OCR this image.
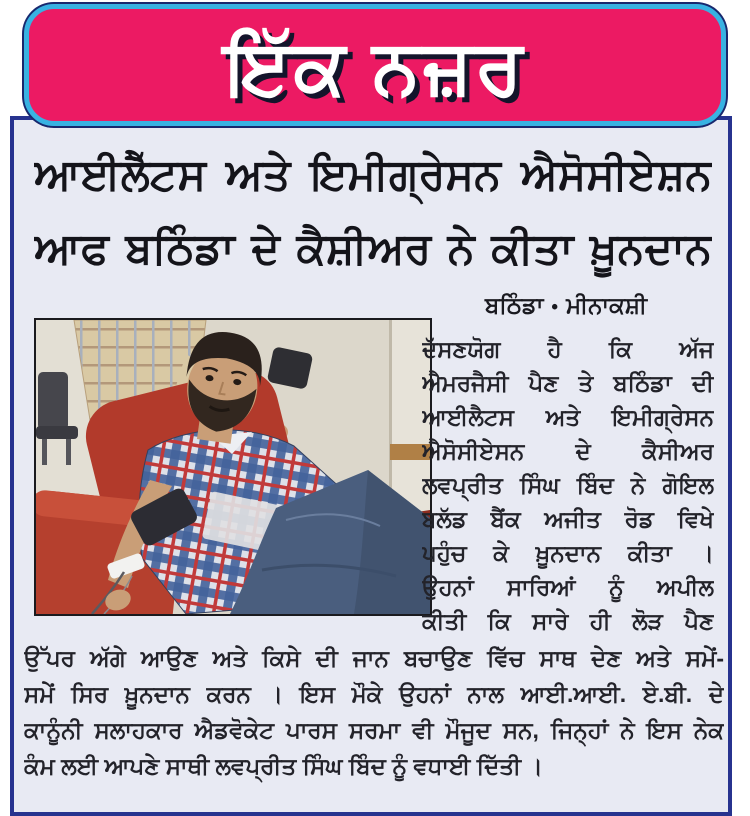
ਇੱਕ ਨਜ਼ਰ
ਆਈਲੈੱਟਸ ਅਤੇ ਇਮੀਗ੍ਰੇਸਨ ਐਸੋਸੀਏਸ਼ਨ
ਆਫ ਬਠਿੰਡਾ ਦੇ ਕੈਸ਼ੀਅਰ ਨੇ ਕੀਤਾ ਖ਼ੂਨਦਾਨ
ਬਠਿੰਡਾ • ਮੀਨਾਕਸ਼ੀ
ਦੱਸਣਯੋਗ ਹੈ ਕਿ ਅੱਜ
ਐਮਰਜੈਸੀ ਪੈਣ ਤੇ ਬਠਿੰਡਾ ਦੀ
ਆਈਲੈਟਸ ਅਤੇ ਇਮੀਗ੍ਰੇਸਨ
ਐਸੋਸੀਏਸਨ ਦੇ ਕੈਸੀਅਰ
ਲਵਪ੍ਰੀਤ ਸਿੰਘ ਬਿੰਦ ਨੇ ਗੋਇਲ
ਬਲੱਡ ਬੈਂਕ ਅਜੀਤ ਰੋਡ ਵਿਖੇ
ਪਹੁੰਚ ਕੇ ਖ਼ੂਨਦਾਨ ਕੀਤਾ ।
ਉਹਨਾਂ ਸਾਰਿਆਂ ਨੂੰ ਅਪੀਲ
ਕੀਤੀ ਕਿ ਸਾਰੇ ਹੀ ਲੋੜ ਪੈਣ
ਉੱਪਰ ਅੱਗੇ ਆਉਣ ਅਤੇ ਕਿਸੇ ਦੀ ਜਾਨ ਬਚਾਉਣ ਵਿੱਚ ਸਾਥ ਦੇਣ ਅਤੇ ਸਮੇਂ-
ਸਮੇਂ ਸਿਰ ਖ਼ੂਨਦਾਨ ਕਰਨ । ਇਸ ਮੌਕੇ ਉਹਨਾਂ ਨਾਲ ਆਈ.ਆਈ. ਏ.ਬੀ. ਦੇ
ਕਾਨੂੰਨੀ ਸਲਾਹਕਾਰ ਐਡਵੋਕੇਟ ਪਾਰਸ ਸਰਮਾ ਵੀ ਮੌਜੂਦ ਸਨ, ਜਿਨ੍ਹਾਂ ਨੇ ਇਸ ਨੇਕ
ਕੰਮ ਲਈ ਆਪਣੇ ਸਾਥੀ ਲਵਪ੍ਰੀਤ ਸਿੰਘ ਬਿੰਦ ਨੂੰ ਵਧਾਈ ਦਿੱਤੀ ।
